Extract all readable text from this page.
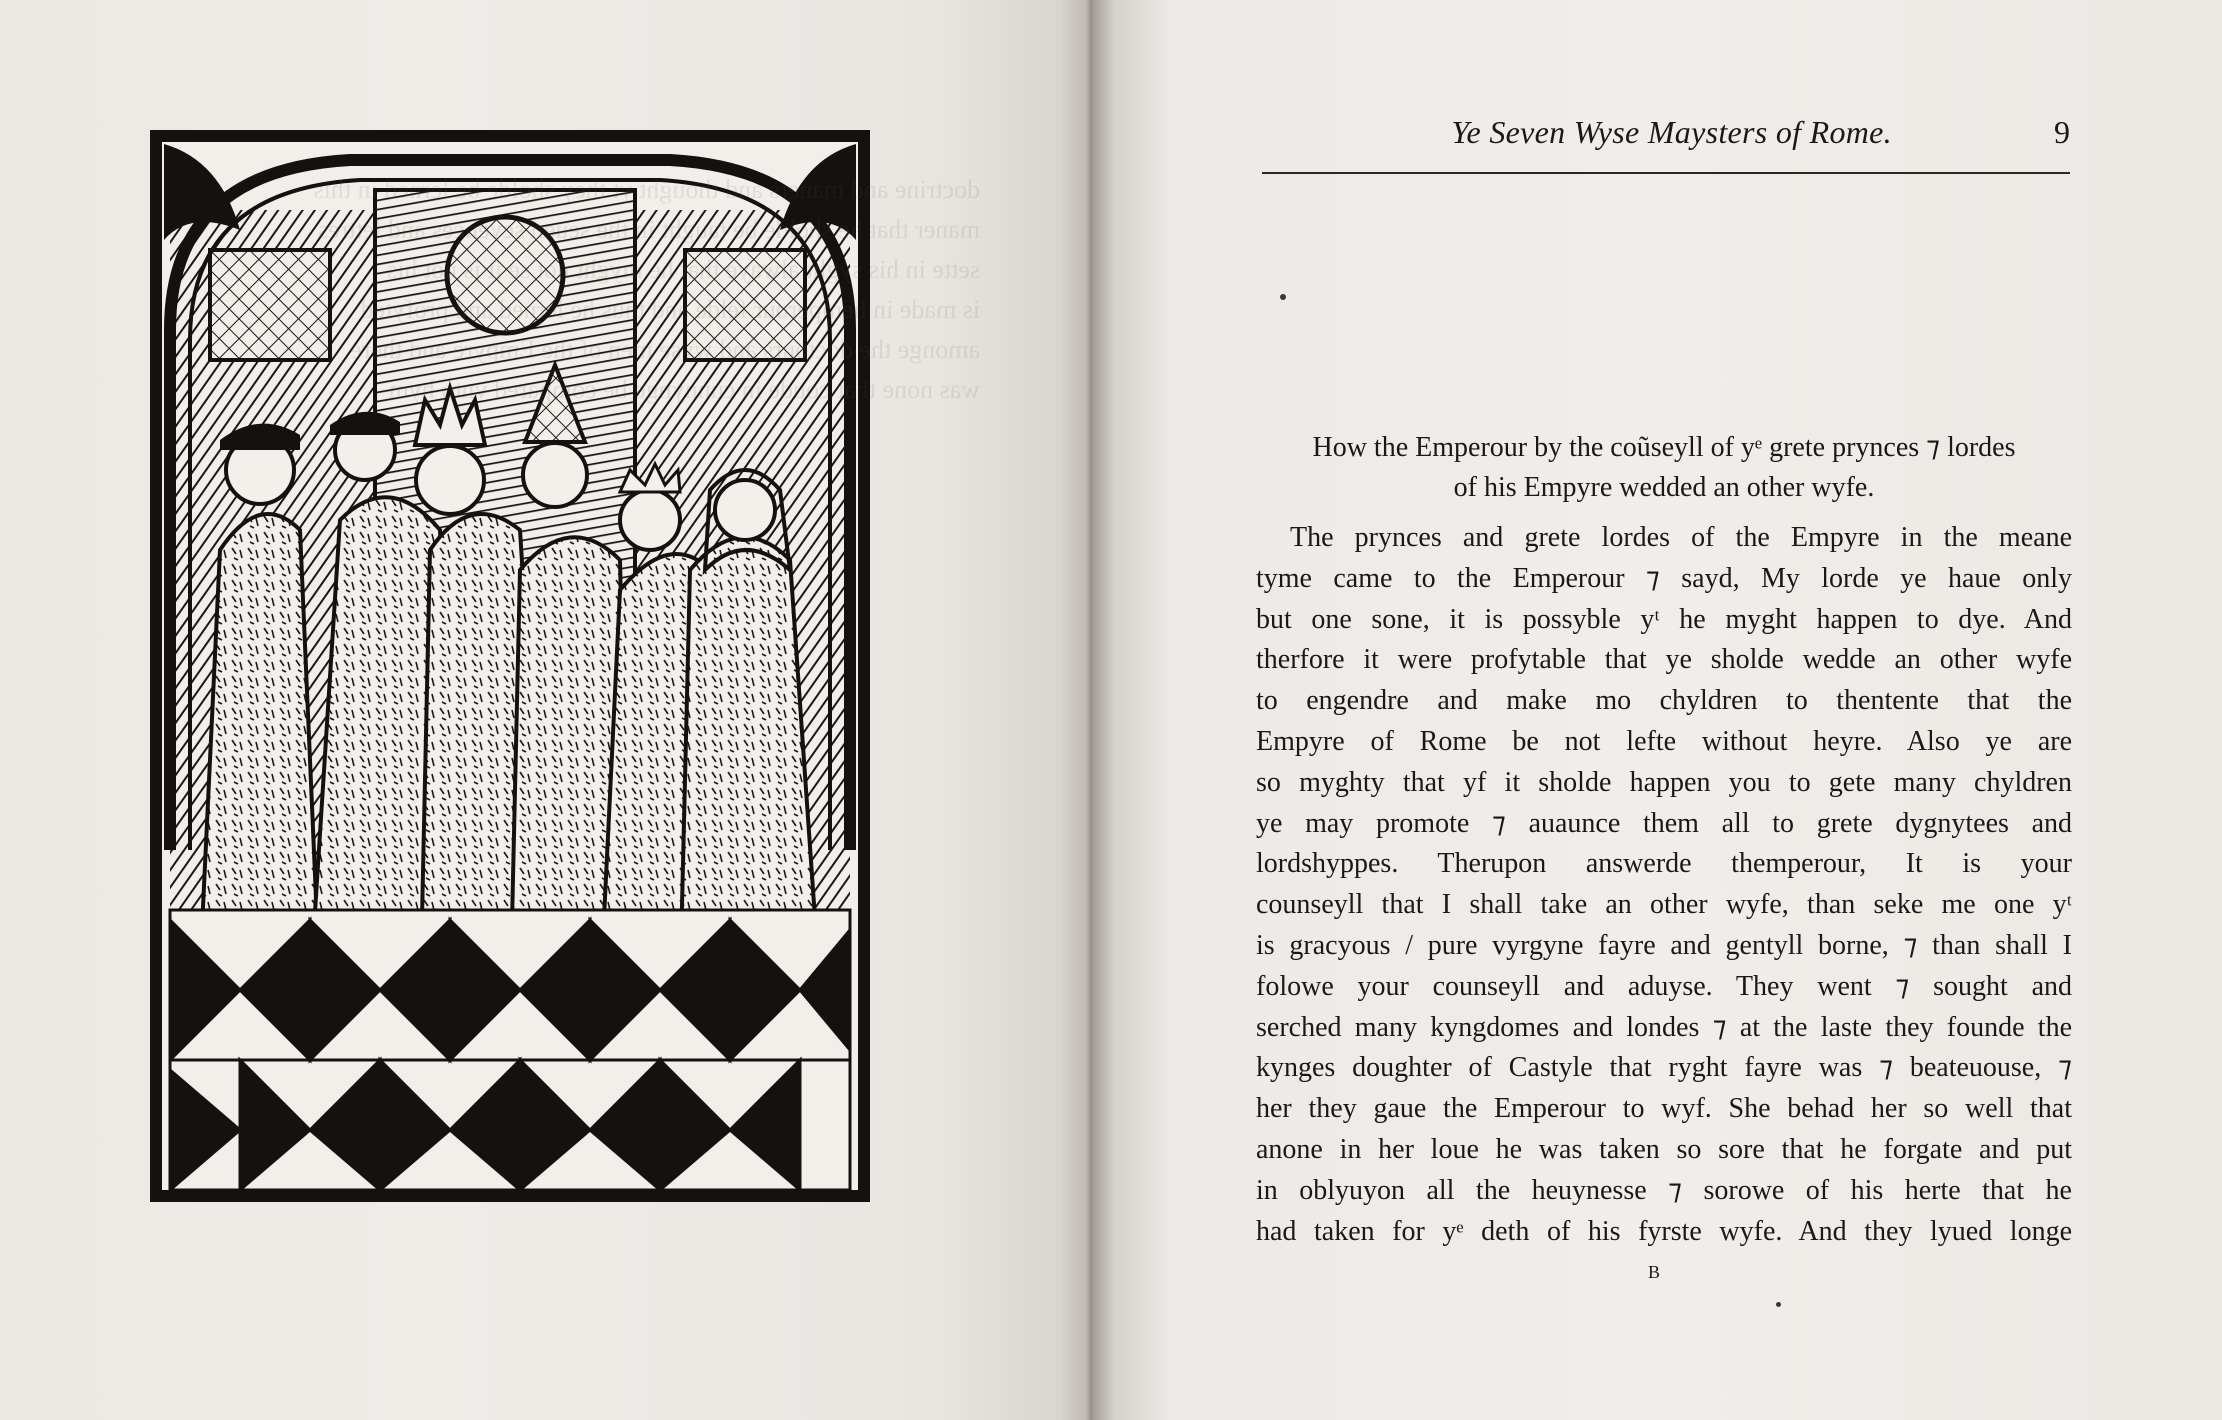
doctrine
maner that
sette in his
is made in
amonge the
was none
Ye Seven Wyse Maysters of Rome.	9
How the Emperour by the coũseyll of yᵉ grete prynces ⁊ lordes
of his Empyre wedded an other wyfe.
The prynces and grete lordes of the Empyre in the meane
tyme came to the Emperour ⁊ sayd, My lorde ye haue only
but one sone, it is possyble yᵗ he myght happen to dye. And
therfore it were profytable that ye sholde wedde an other wyfe
to engendre and make mo chyldren to thentente that the
Empyre of Rome be not lefte without heyre. Also ye are
so myghty that yf it sholde happen you to gete many chyldren
ye may promote ⁊ auaunce them all to grete dygnytees and
lordshyppes. Therupon answerde themperour, It is your
counseyll that I shall take an other wyfe, than seke me one yᵗ
is gracyous / pure vyrgyne fayre and gentyll borne, ⁊ than shall I
folowe your counseyll and aduyse. They went ⁊ sought and
serched many kyngdomes and londes ⁊ at the laste they founde the
kynges doughter of Castyle that ryght fayre was ⁊ beateuouse, ⁊
her they gaue the Emperour to wyf. She behad her so well that
anone in her loue he was taken so sore that he forgate and put
in oblyuyon all the heuynesse ⁊ sorowe of his herte that he
had taken for yᵉ deth of his fyrste wyfe. And they lyued longe
B
